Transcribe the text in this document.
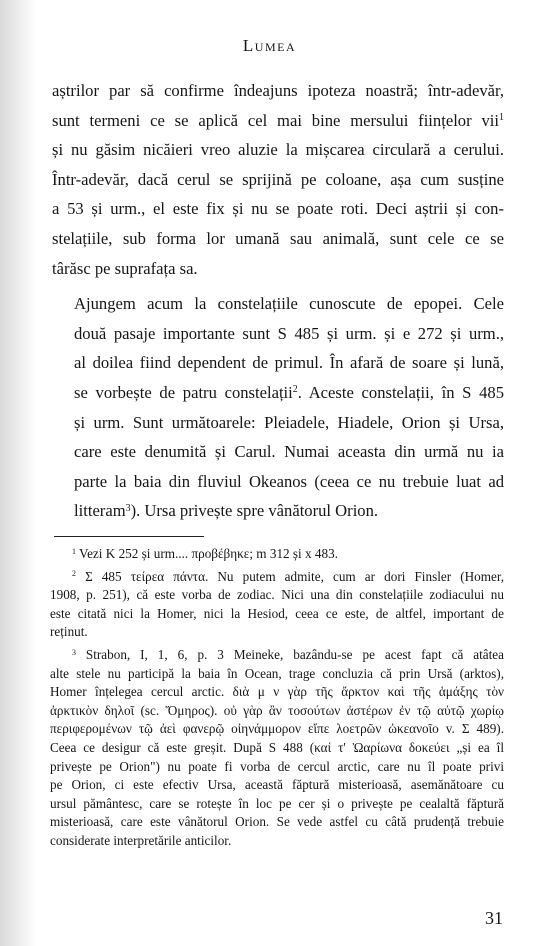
Lumea

aștrilor par să confirme îndeajuns ipoteza noastră; într-adevăr,
sunt termeni ce se aplică cel mai bine mersului ființelor vii$^1$
și nu găsim nicăieri vreo aluzie la mișcarea circulară a cerului.
Într-adevăr, dacă cerul se sprijină pe coloane, așa cum susține
a 53 și urm., el este fix și nu se poate roti. Deci aștrii și con-
stelațiile, sub forma lor umană sau animală, sunt cele ce se
târăsc pe suprafața sa.

Ajungem acum la constelațiile cunoscute de epopei. Cele
două pasaje importante sunt S 485 și urm. și e 272 și urm.,
al doilea fiind dependent de primul. În afară de soare și lună,
se vorbește de patru constelații$^2$. Aceste constelații, în S 485
și urm. Sunt următoarele: Pleiadele, Hiadele, Orion și Ursa,
care este denumită și Carul. Numai aceasta din urmă nu ia
parte la baia din fluviul Okeanos (ceea ce nu trebuie luat ad
litteram$^3$). Ursa privește spre vânătorul Orion.

$^1$ Vezi K 252 și urm.... προβέβηκε; m 312 și x 483.
$^2$ Σ 485 τείρεα πάντα. Nu putem admite, cum ar dori Finsler (Homer,
1908, p. 251), că este vorba de zodiac. Nici una din constelațiile zodiacului nu
este citată nici la Homer, nici la Hesiod, ceea ce este, de altfel, important de
reținut.
$^3$ Strabon, I, 1, 6, p. 3 Meineke, bazându-se pe acest fapt că atâtea
alte stele nu participă la baia în Ocean, trage concluzia că prin Ursă (arktos),
Homer înțelegea cercul arctic. διὰ μ ν γὰρ τῆς ἄρκτον καὶ τῆς ἁμάξης τὸν
ἀρκτικὸν δηλοῖ (sc. Ὅμηρος). οὐ γὰρ ἂν τοσούτων ἀστέρων ἐν τῷ αὐτῷ χωρίῳ
περιφερομένων τῷ ἀεὶ φανερῷ οἰηνάμμορον εἴπε λοετρῶν ὠκεανοῖο v. Σ 489).
Ceea ce desigur că este greșit. După S 488 (καί τ' Ὠαρίωνα δοκεύει „și ea îl
privește pe Orion") nu poate fi vorba de cercul arctic, care nu îl poate privi
pe Orion, ci este efectiv Ursa, această făptură misterioasă, asemănătoare cu
ursul pământesc, care se rotește în loc pe cer și o privește pe cealaltă făptură
misterioasă, care este vânătorul Orion. Se vede astfel cu câtă prudență trebuie
considerate interpretările anticilor.
31
